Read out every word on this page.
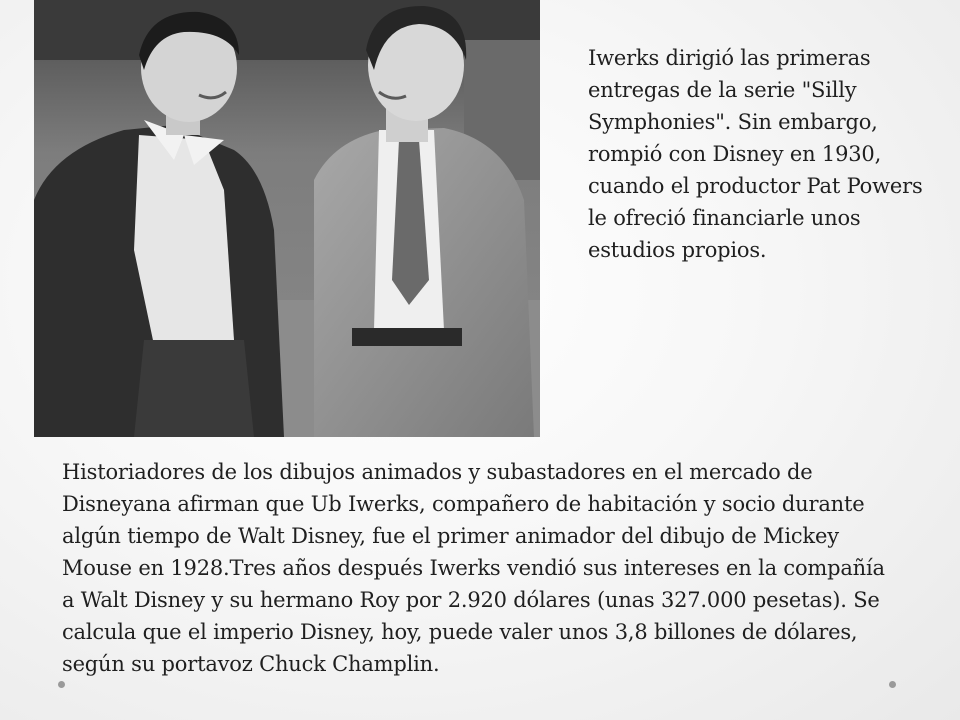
Iwerks dirigió las primeras entregas de la serie "Silly Symphonies". Sin embargo, rompió con Disney en 1930, cuando el productor Pat Powers le ofreció financiarle unos estudios propios.
Historiadores de los dibujos animados y subastadores en el mercado de Disneyana afirman que Ub Iwerks, compañero de habitación y socio durante algún tiempo de Walt Disney, fue el primer animador del dibujo de Mickey Mouse en 1928.Tres años después Iwerks vendió sus intereses en la compañía a Walt Disney y su hermano Roy por 2.920 dólares (unas 327.000 pesetas). Se calcula que el imperio Disney, hoy, puede valer unos 3,8 billones de dólares, según su portavoz Chuck Champlin.
